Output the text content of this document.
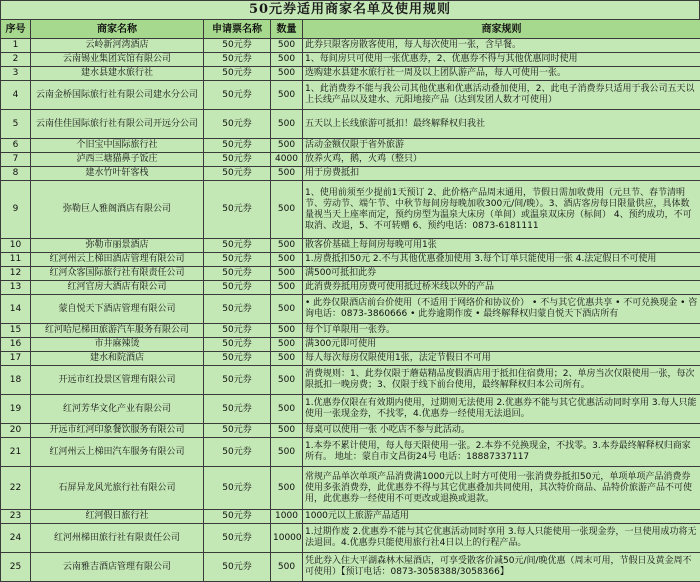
50元券适用商家名单及使用规则
序号	商家名称	申请票名称	数量	商家规则
1	云岭新河湾酒店	50元券	500	此券只限客房散客使用，每人每次使用一张，含早餐。
2	云南锡业集团宾馆有限公司	50元券	500	1、每间房只可使用一张优惠券，2、优惠券不得与其他优惠同时使用
3	建水县建水旅行社	50元券	500	选购建水县建水旅行社一周及以上团队游产品，每人可使用一张。
4	云南金桥国际旅行社有限公司建水分公司	50元券	500	1、此消费券不能与我公司其他优惠和优惠活动叠加使用，2、此电子消费券只适用于我公司五天以上长线产品以及建水、元阳地接产品（达到发团人数才可使用）
5	云南佳佳国际旅行社有限公司开远分公司	50元券	500	五天以上长线旅游可抵扣！最终解释权归我社
6	个旧宝中国际旅行社	50元券	500	活动金额仅限于省外旅游
7	泸西三塘猫鼻子饭庄	50元券	4000	放养火鸡，鹅，火鸡（整只）
8	建水竹叶轩客栈	50元券	500	用于房费抵扣
9	弥勒巨人雅阁酒店有限公司	50元券	500	1、使用前须至少提前1天预订 2、此价格产品周末通用，节假日需加收费用（元旦节、春节清明节、劳动节、端午节、中秋节每间房每晚加收300元/间/晚）。3、酒店客房每日限量供应，具体数量视当天上座率而定，预约房型为温泉大床房（单间）或温泉双床房（标间） 4、预约成功，不可取消、改退，5、不可转赠 6、预约电话：0873-6181111
10	弥勒市丽景酒店	50元券	500	散客价基础上每间房每晚可用1张
11	红河州云上梯田酒店管理有限公司	50元券	500	1.房费抵扣50元 2.不与其他优惠叠加使用 3.每个订单只能使用一张 4.法定假日不可使用
12	红河众客国际旅行社有限责任公司	50元券	500	满500可抵扣此券
13	红河官房大酒店有限公司	50元券	500	此消费券抵用房费可使用抵过桥米线以外的产品
14	蒙自悦天下酒店管理有限公司	50元券	500	• 此券仅限酒店前台价使用（不适用于网络价和协议价） • 不与其它优惠共享 • 不可兑换现金 • 咨询电话：0873-3860666 • 此券逾期作废 • 最终解释权归蒙自悦天下酒店所有
15	红河哈尼梯田旅游汽车服务有限公司	50元券	500	每个订单限用一张券。
16	市井麻辣烫	50元券	500	满300元即可使用
17	建水和院酒店	50元券	500	每人每次每房仅限使用1张，法定节假日不可用
18	开远市红投景区管理有限公司	50元券	500	消费规则：1、此券仅限于蘑菇精品度假酒店用于抵扣住宿费用；2、单房当次仅限使用一张，每次限抵扣一晚房费；3、仅限于线下前台使用，最终解释权归本公司所有。
19	红河芳华文化产业有限公司	50元券	500	1.优惠券仅限在有效期内使用，过期则无法使用 2.优惠券不能与其它优惠活动同时享用 3.每人只能使用一张现金券，不找零，4.优惠券一经使用无法退回。
20	开远市红河印象餐饮服务有限公司	50元券	500	每桌可以使用一张 小吃店不参与此活动。
21	红河州云上梯田汽车服务有限公司	50元券	500	1.本券不累计使用，每人每天限使用一张。2.本券不兑换现金，不找零。3.本券最终解释权归商家所有。 地址：蒙自市文昌街24号 电话：18887337117
22	石屏异龙风光旅行社有限公司	50元券	500	常规产品单次单项产品消费满1000元以上时方可使用一张消费券抵扣50元，单项单项产品消费券使用多张消费券，此优惠券不得与其它优惠叠加共同使用，其次特价商品、品特价旅游产品不可使用，此优惠券一经使用不可更改或退换或退款。
23	红河假日旅行社	50元券	1000	1000元以上旅游产品适用
24	红河州梯田旅行社有限责任公司	50元券	10000	1.过期作废 2.优惠券不能与其它优惠活动同时享用 3.每人只能使用一张现金券，一旦使用成功将无法退回。4.优惠券只能使用旅行社4日以上的行程产品。
25	云南雅吉酒店管理有限公司	50元券	500	凭此券入住大平湖森林木屋酒店，可享受散客价减50元/间/晚优惠（周末可用，节假日及黄金周不可使用）【预订电话：0873-3058388/3058366】
